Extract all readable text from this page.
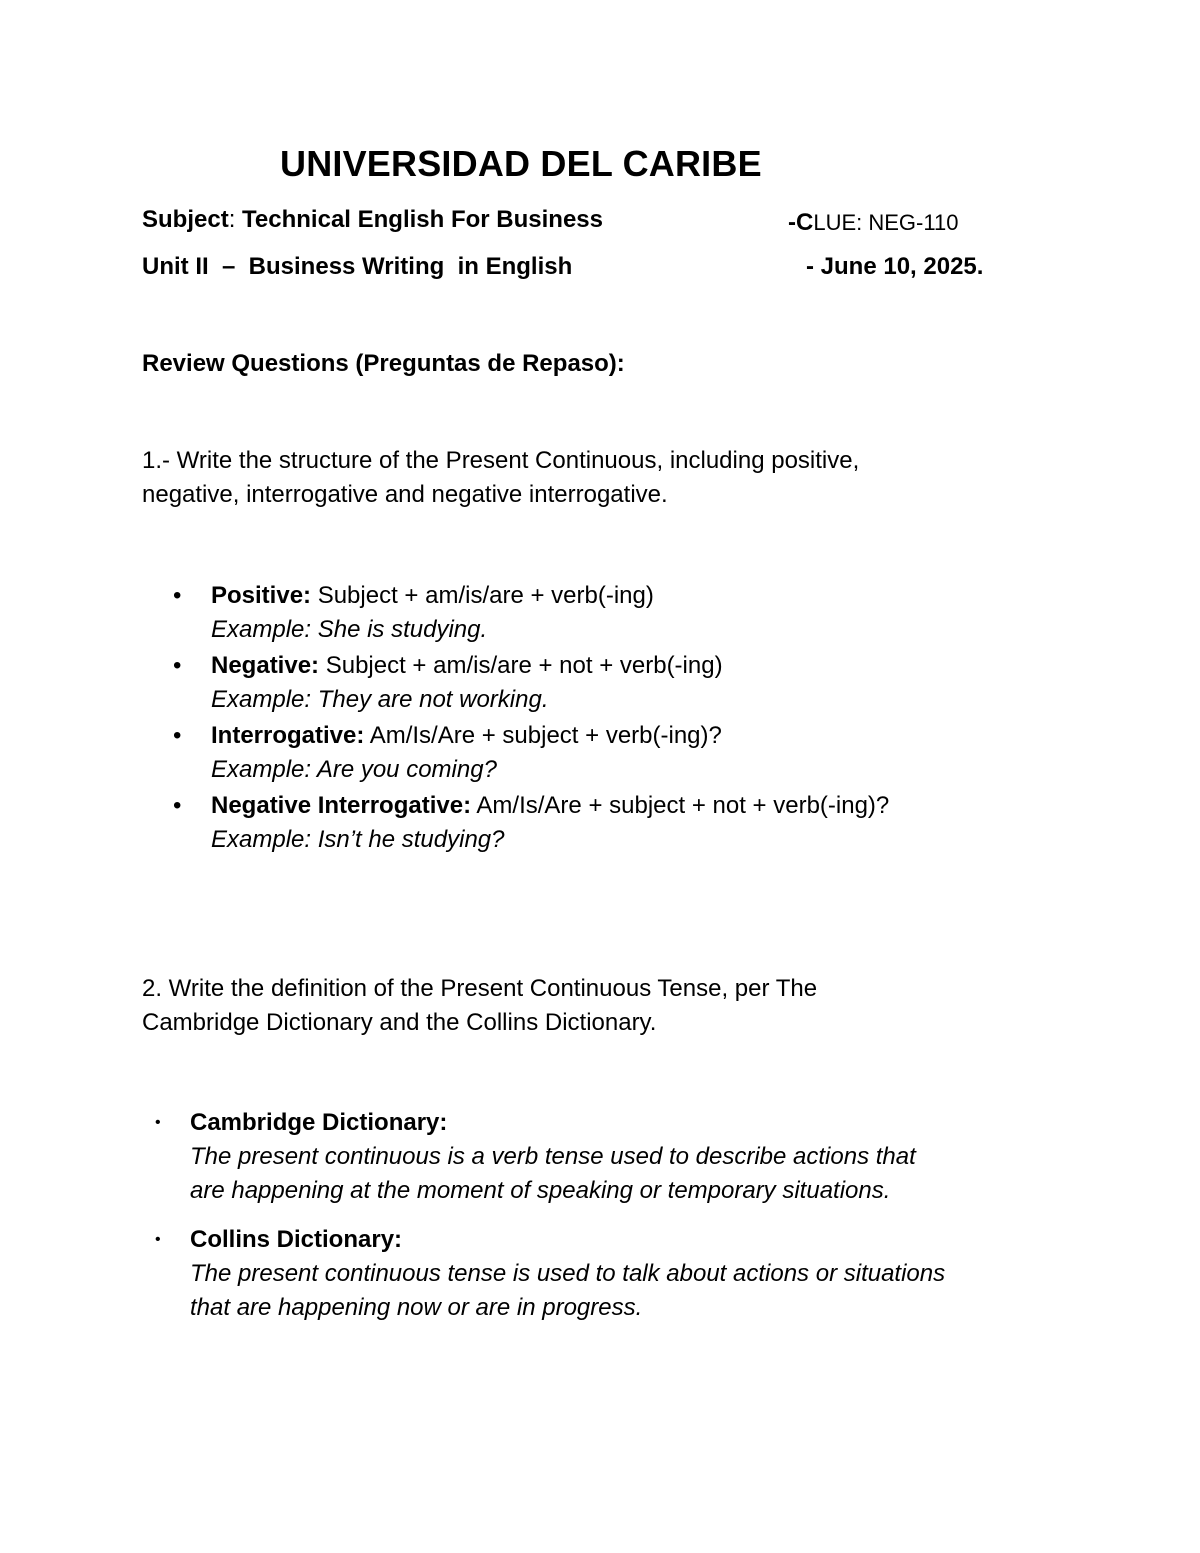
UNIVERSIDAD DEL CARIBE
Subject: Technical English For Business	-CLUE: NEG-110
Unit II  –  Business Writing  in English	- June 10, 2025.
Review Questions (Preguntas de Repaso):
1.- Write the structure of the Present Continuous, including positive,
negative, interrogative and negative interrogative.
• Positive: Subject + am/is/are + verb(-ing)
Example: She is studying.
• Negative: Subject + am/is/are + not + verb(-ing)
Example: They are not working.
• Interrogative: Am/Is/Are + subject + verb(-ing)?
Example: Are you coming?
• Negative Interrogative: Am/Is/Are + subject + not + verb(-ing)?
Example: Isn’t he studying?
2. Write the definition of the Present Continuous Tense, per The
Cambridge Dictionary and the Collins Dictionary.
• Cambridge Dictionary:
The present continuous is a verb tense used to describe actions that
are happening at the moment of speaking or temporary situations.
• Collins Dictionary:
The present continuous tense is used to talk about actions or situations
that are happening now or are in progress.
